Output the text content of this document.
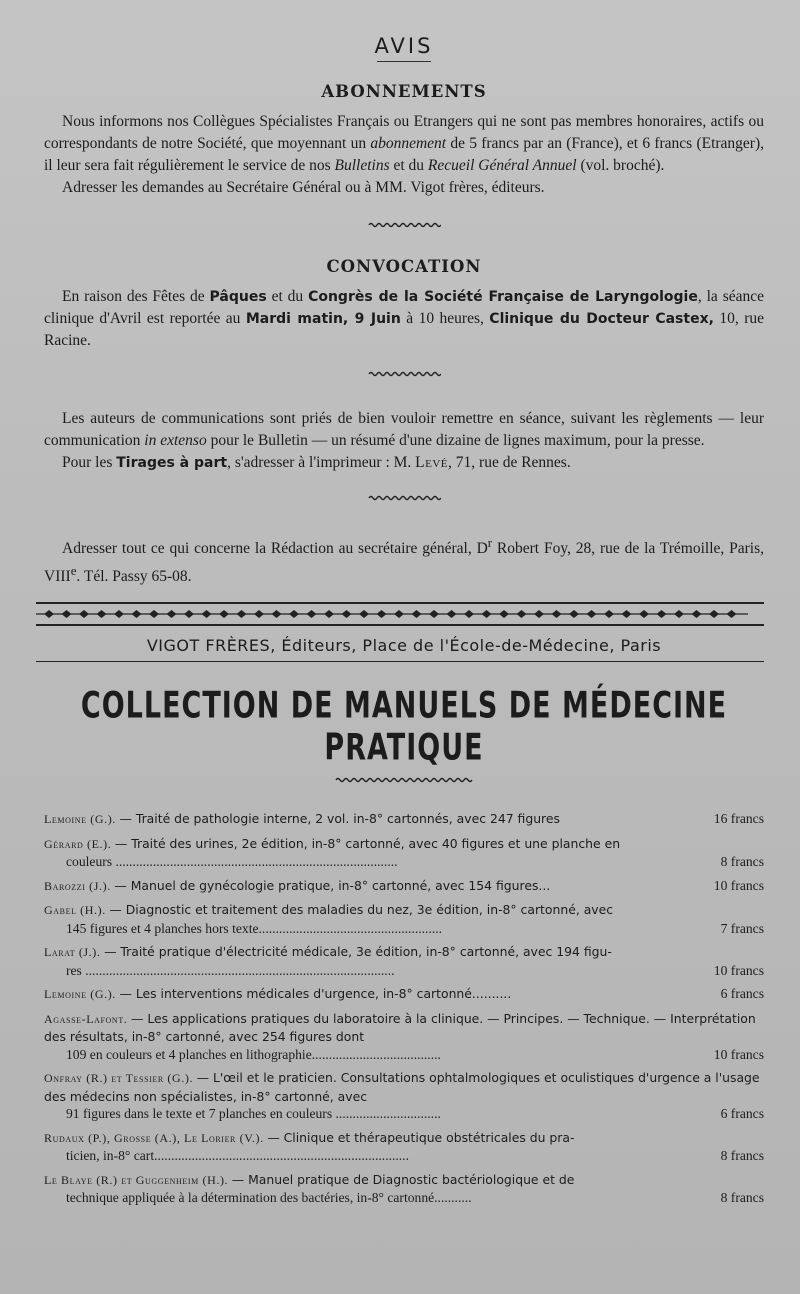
AVIS
ABONNEMENTS

Nous informons nos Collègues Spécialistes Français ou Etrangers qui ne sont pas membres honoraires, actifs ou correspondants de notre Société, que moyennant un abonnement de 5 francs par an (France), et 6 francs (Etranger), il leur sera fait régulièrement le service de nos Bulletins et du Recueil Général Annuel (vol. broché).

Adresser les demandes au Secrétaire Général ou à MM. Vigot frères, éditeurs.

CONVOCATION

En raison des Fêtes de Pâques et du Congrès de la Société Française de Laryngologie, la séance clinique d'Avril est reportée au Mardi matin, 9 Juin à 10 heures, Clinique du Docteur Castex, 10, rue Racine.

Les auteurs de communications sont priés de bien vouloir remettre en séance, suivant les règlements — leur communication in extenso pour le Bulletin — un résumé d'une dizaine de lignes maximum, pour la presse.

Pour les Tirages à part, s'adresser à l'imprimeur : M. Levé, 71, rue de Rennes.

Adresser tout ce qui concerne la Rédaction au secrétaire général, $D^r$ Robert Foy, 28, rue de la Trémoille, Paris, VIIIe. Tél. Passy 65-08.

VIGOT FRÈRES, Éditeurs, Place de l'École-de-Médecine, Paris
COLLECTION DE MANUELS DE MÉDECINE PRATIQUE
16 francs
Lemoine (G.). — Traité de pathologie interne, 2 vol. in-8° cartonnés, avec 247 figures
Gérard (E.). — Traité des urines, 2e édition, in-8° cartonné, avec 40 figures et une planche en
8 francs
couleurs ...................................................................................
10 francs
Barozzi (J.). — Manuel de gynécologie pratique, in-8° cartonné, avec 154 figures...
Gabel (H.). — Diagnostic et traitement des maladies du nez, 3e édition, in-8° cartonné, avec
7 francs
145 figures et 4 planches hors texte......................................................
Larat (J.). — Traité pratique d'électricité médicale, 3e édition, in-8° cartonné, avec 194 figu-
10 francs
res ...........................................................................................
6 francs
Lemoine (G.). — Les interventions médicales d'urgence, in-8° cartonné..........
Agasse-Lafont. — Les applications pratiques du laboratoire à la clinique. — Principes. — Technique. — Interprétation des résultats, in-8° cartonné, avec 254 figures dont
10 francs
109 en couleurs et 4 planches en lithographie......................................
Onfray (R.) et Tessier (G.). — L'œil et le praticien. Consultations ophtalmologiques et oculistiques d'urgence a l'usage des médecins non spécialistes, in-8° cartonné, avec
6 francs
91 figures dans le texte et 7 planches en couleurs ...............................
Rudaux (P.), Grosse (A.), Le Lorier (V.). — Clinique et thérapeutique obstétricales du pra-
8 francs
ticien, in-8° cart...........................................................................
Le Blaye (R.) et Guggenheim (H.). — Manuel pratique de Diagnostic bactériologique et de
8 francs
technique appliquée à la détermination des bactéries, in-8° cartonné...........
